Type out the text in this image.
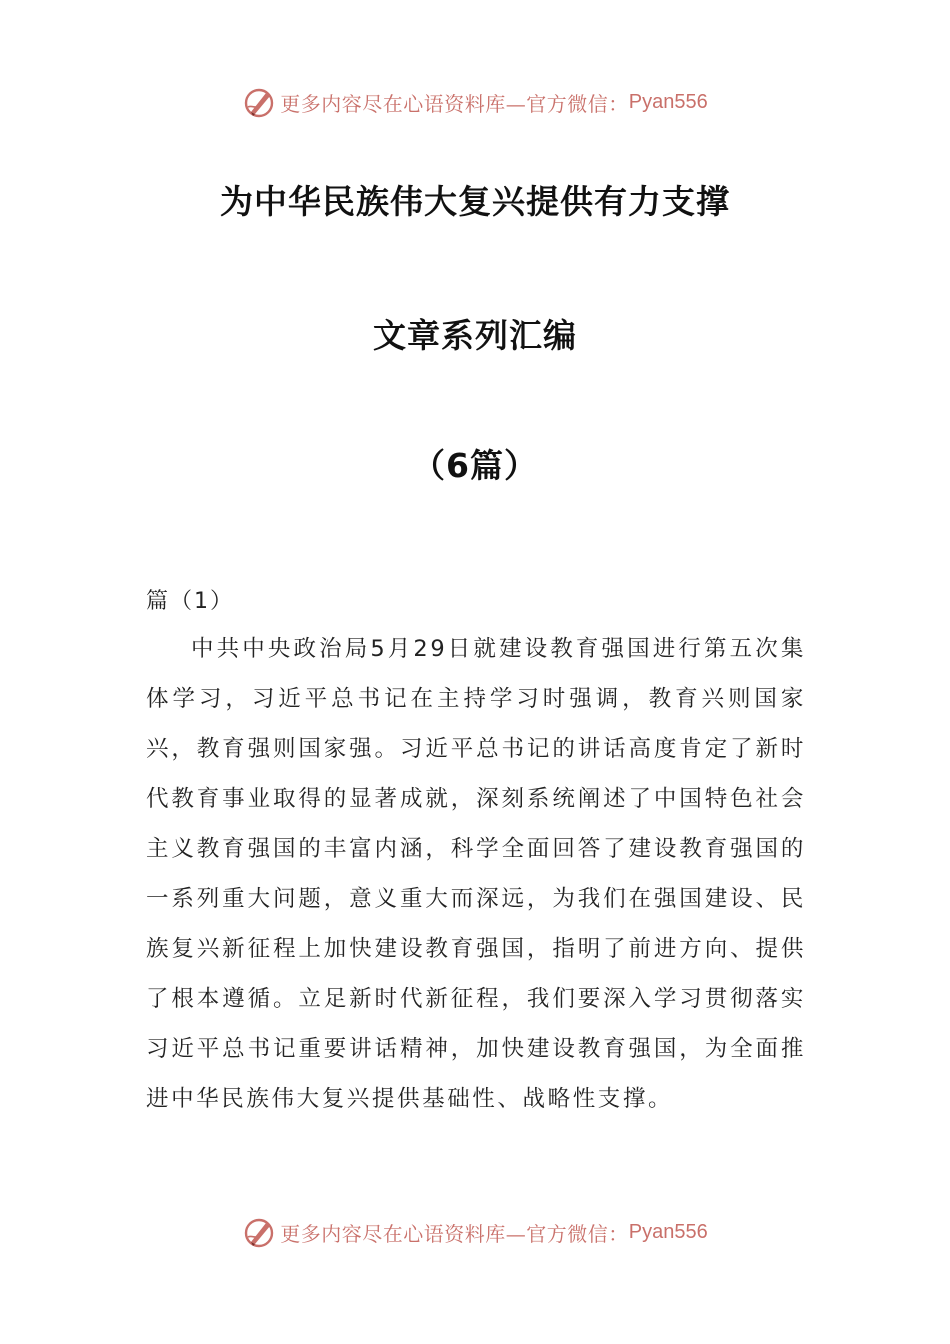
更多内容尽在心语资料库—官方微信： Pyan556
为中华民族伟大复兴提供有力支撑
文章系列汇编
（6篇）
篇（1）

中共中央政治局5月29日就建设教育强国进行第五次集体学习，习近平总书记在主持学习时强调，教育兴则国家兴，教育强则国家强。习近平总书记的讲话高度肯定了新时代教育事业取得的显著成就，深刻系统阐述了中国特色社会主义教育强国的丰富内涵，科学全面回答了建设教育强国的一系列重大问题，意义重大而深远，为我们在强国建设、民族复兴新征程上加快建设教育强国，指明了前进方向、提供了根本遵循。立足新时代新征程，我们要深入学习贯彻落实习近平总书记重要讲话精神，加快建设教育强国，为全面推进中华民族伟大复兴提供基础性、战略性支撑。

更多内容尽在心语资料库—官方微信： Pyan556
